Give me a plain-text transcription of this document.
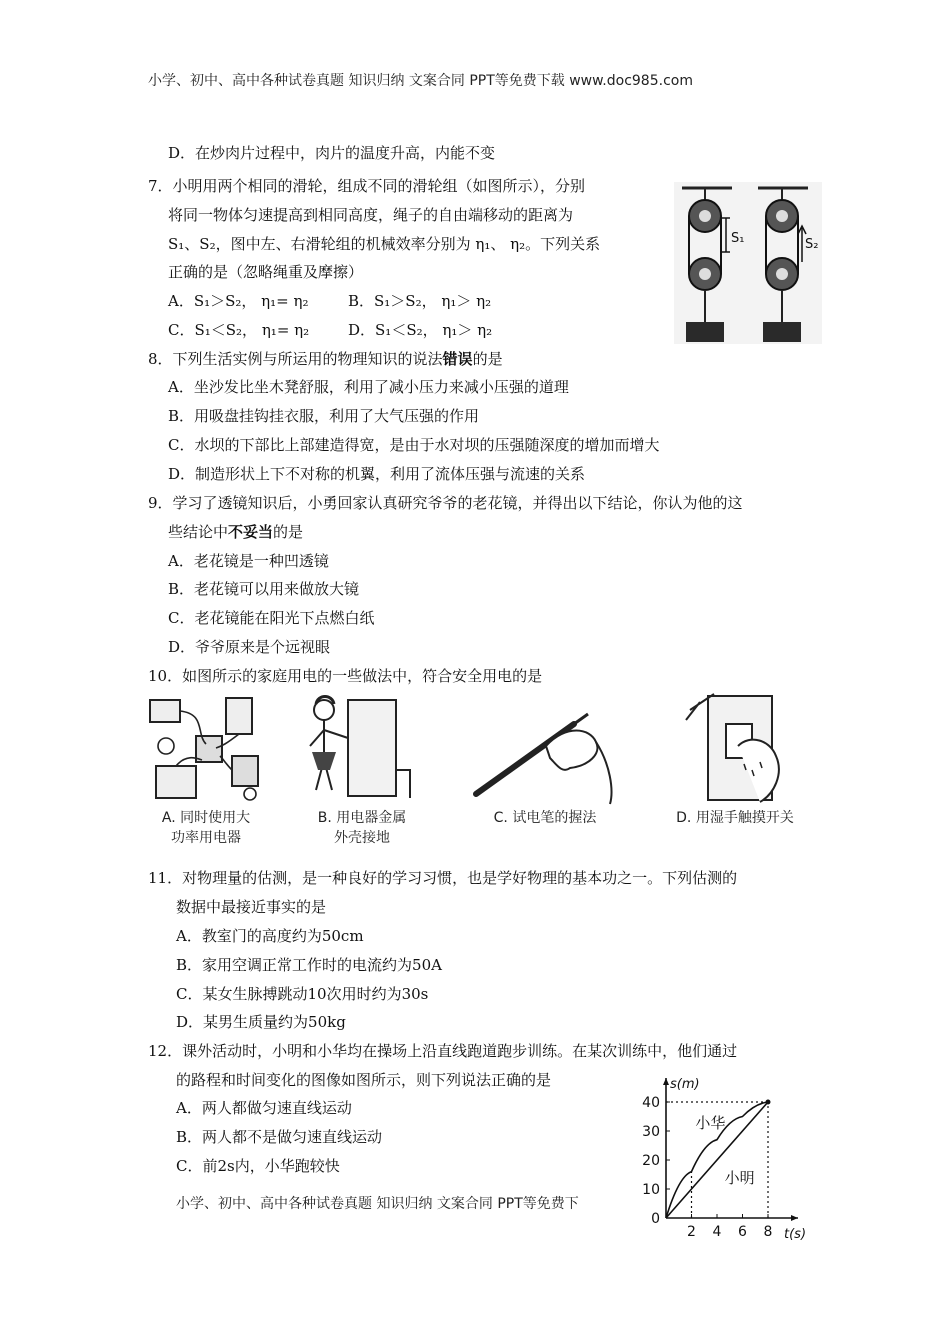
小学、初中、高中各种试卷真题 知识归纳 文案合同 PPT等免费下载 www.doc985.com
D．在炒肉片过程中，肉片的温度升高，内能不变
7．小明用两个相同的滑轮，组成不同的滑轮组（如图所示），分别
将同一物体匀速提高到相同高度，绳子的自由端移动的距离为
S₁、S₂，图中左、右滑轮组的机械效率分别为 η₁、 η₂。下列关系
正确的是（忽略绳重及摩擦）
A．S₁＞S₂， η₁= η₂	B．S₁＞S₂， η₁＞ η₂
C．S₁＜S₂， η₁= η₂	D．S₁＜S₂， η₁＞ η₂
S₁	S₂
8．下列生活实例与所运用的物理知识的说法错误的是
A．坐沙发比坐木凳舒服，利用了减小压力来减小压强的道理
B．用吸盘挂钩挂衣服，利用了大气压强的作用
C．水坝的下部比上部建造得宽，是由于水对坝的压强随深度的增加而增大
D．制造形状上下不对称的机翼，利用了流体压强与流速的关系
9．学习了透镜知识后，小勇回家认真研究爷爷的老花镜，并得出以下结论，你认为他的这
些结论中不妥当的是
A．老花镜是一种凹透镜
B．老花镜可以用来做放大镜
C．老花镜能在阳光下点燃白纸
D．爷爷原来是个远视眼
10．如图所示的家庭用电的一些做法中，符合安全用电的是
A. 同时使用大
功率用电器
B. 用电器金属
外壳接地
C. 试电笔的握法	D. 用湿手触摸开关
11．对物理量的估测，是一种良好的学习习惯，也是学好物理的基本功之一。下列估测的
数据中最接近事实的是
A．教室门的高度约为50cm
B．家用空调正常工作时的电流约为50A
C．某女生脉搏跳动10次用时约为30s
D．某男生质量约为50kg
12．课外活动时，小明和小华均在操场上沿直线跑道跑步训练。在某次训练中，他们通过
的路程和时间变化的图像如图所示，则下列说法正确的是
A．两人都做匀速直线运动
B．两人都不是做匀速直线运动
C．前2s内，小华跑较快
小学、初中、高中各种试卷真题 知识归纳 文案合同 PPT等免费下
s(m)
t(s)
0
10
20
30
40
2 4 6 8
小华
小明
